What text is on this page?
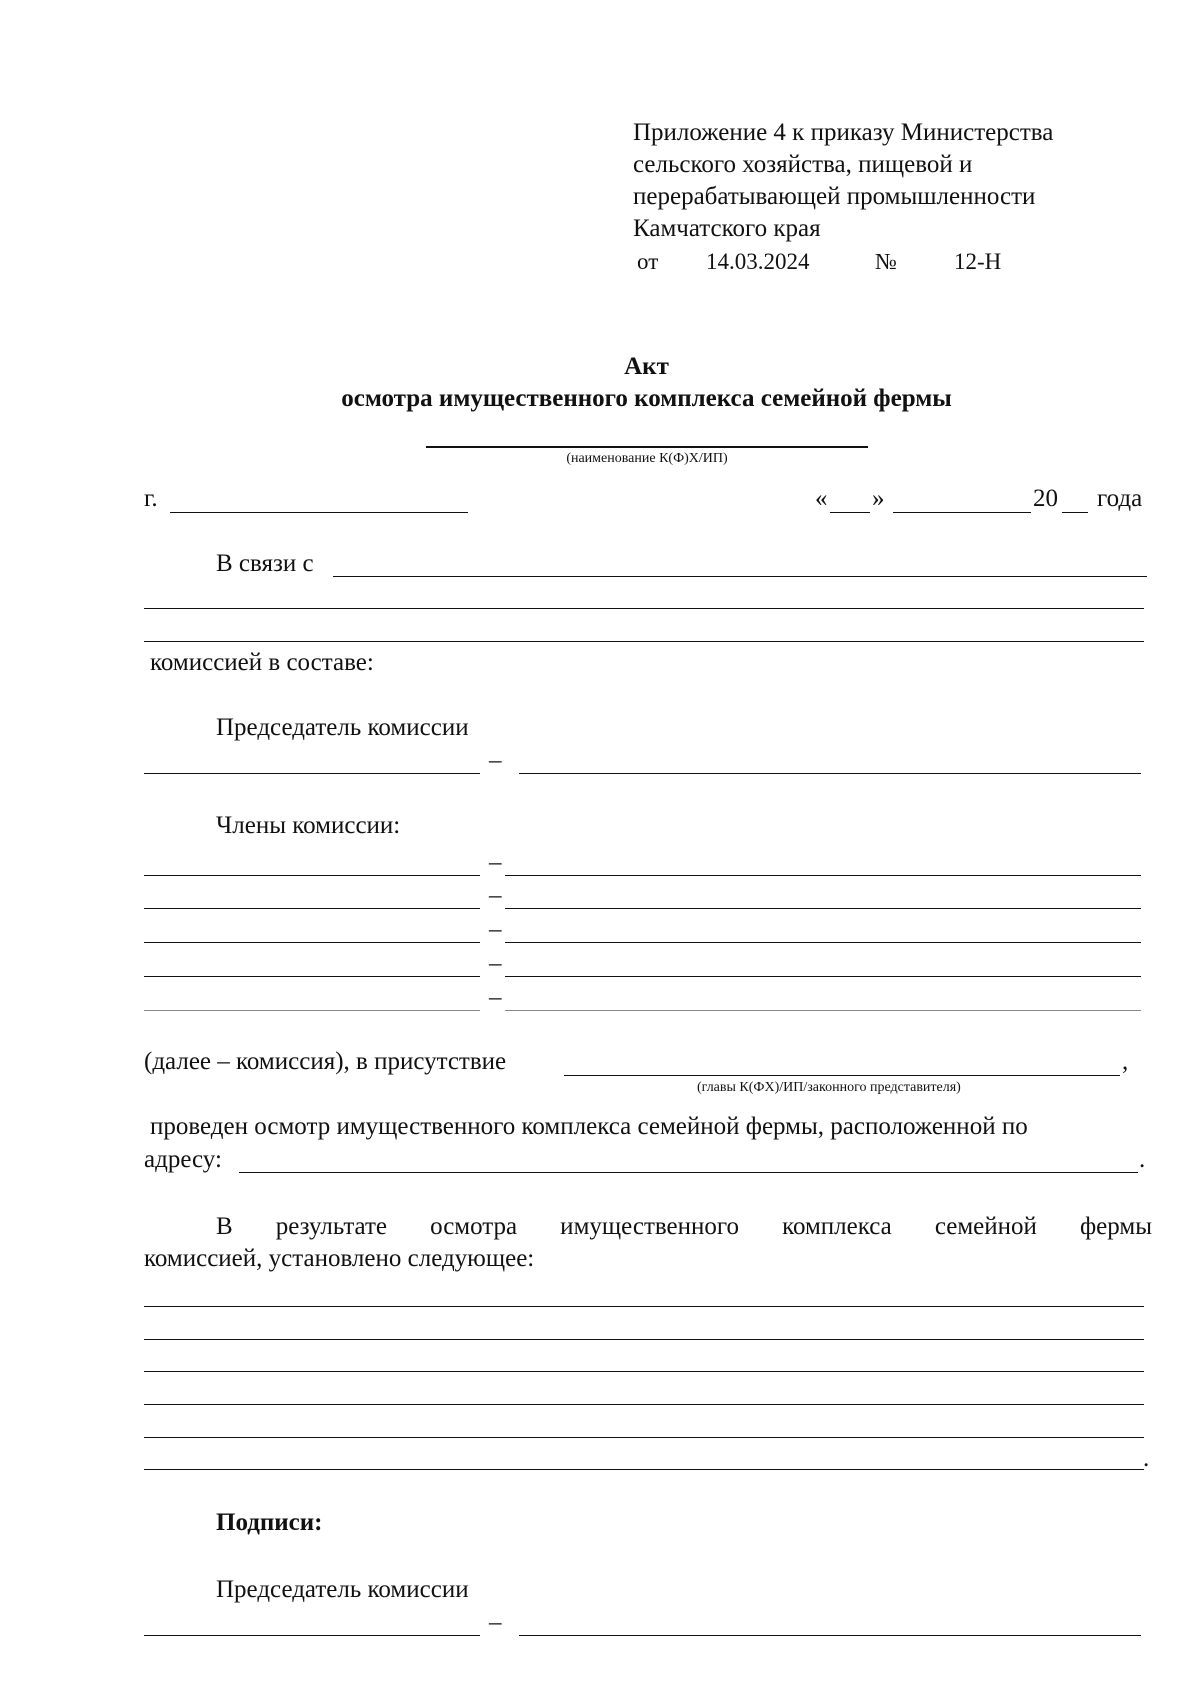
Приложение 4 к приказу Министерства
сельского хозяйства, пищевой и
перерабатывающей промышленности
Камчатского края
от 14.03.2024	№ 12-Н
Акт
осмотра имущественного комплекса семейной фермы
(наименование К(Ф)Х/ИП)
г.	« »	20 года
В связи с
комиссией в составе:
Председатель комиссии
–
Члены комиссии:
–
–
–
–
–
(далее – комиссия), в присутствие	,
(главы К(ФХ)/ИП/законного представителя)
проведен осмотр имущественного комплекса семейной фермы, расположенной по
адресу:	.
В результате осмотра имущественного комплекса семейной фермы
комиссией, установлено следующее:
.
Подписи:
Председатель комиссии
–
